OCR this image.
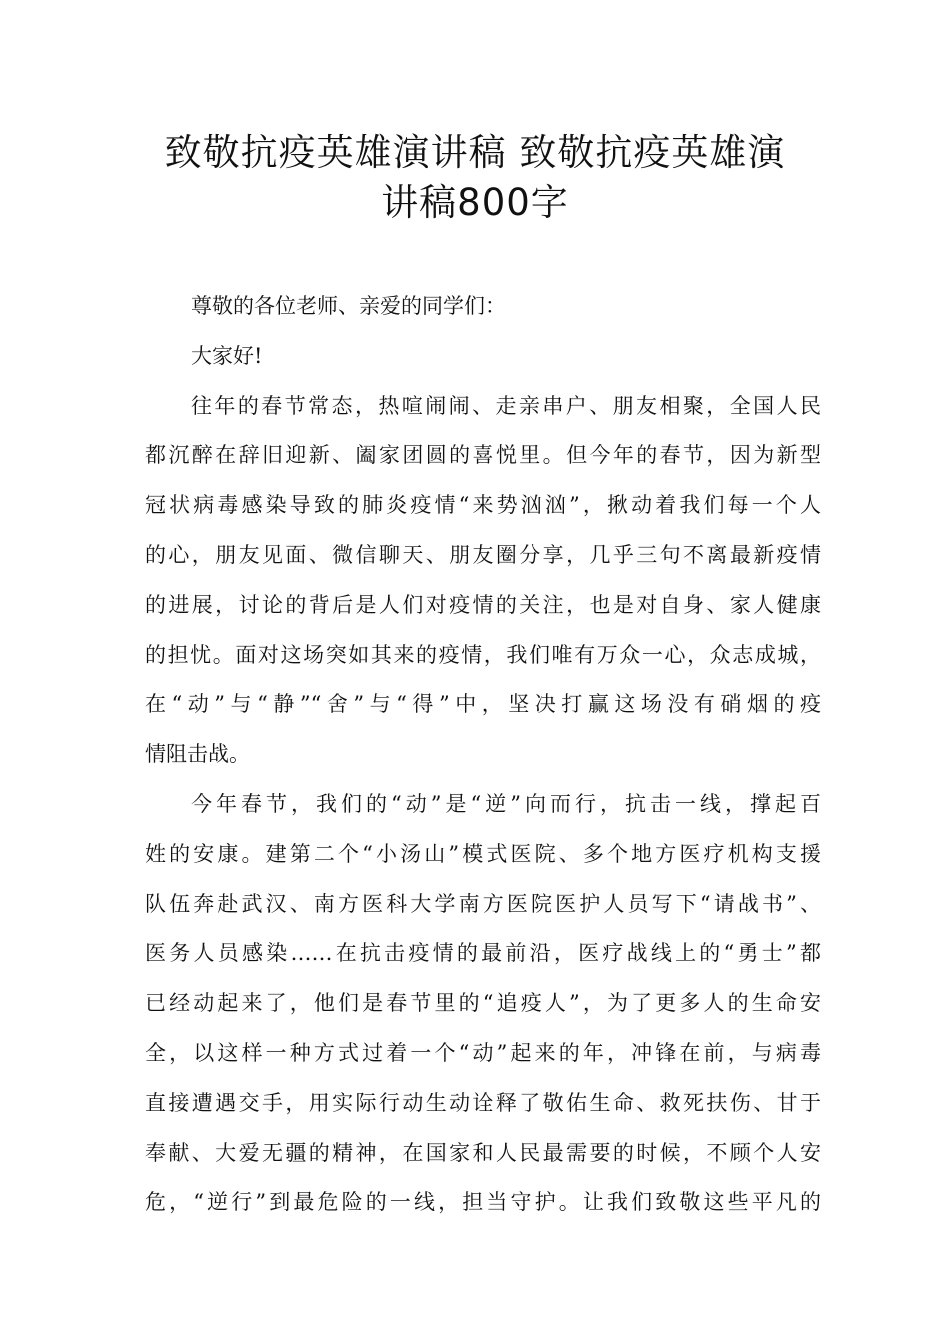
致敬抗疫英雄演讲稿 致敬抗疫英雄演
讲稿800字
尊敬的各位老师、亲爱的同学们：
大家好!
往年的春节常态，热喧闹闹、走亲串户、朋友相聚，全国人民
都沉醉在辞旧迎新、阖家团圆的喜悦里。但今年的春节，因为新型
冠状病毒感染导致的肺炎疫情“来势汹汹”，揪动着我们每一个人
的心，朋友见面、微信聊天、朋友圈分享，几乎三句不离最新疫情
的进展，讨论的背后是人们对疫情的关注，也是对自身、家人健康
的担忧。面对这场突如其来的疫情，我们唯有万众一心，众志成城，
在“动”与“静”“舍”与“得”中，坚决打赢这场没有硝烟的疫
情阻击战。
今年春节，我们的“动”是“逆”向而行，抗击一线，撑起百
姓的安康。建第二个“小汤山”模式医院、多个地方医疗机构支援
队伍奔赴武汉、南方医科大学南方医院医护人员写下“请战书”、
医务人员感染……在抗击疫情的最前沿，医疗战线上的“勇士”都
已经动起来了，他们是春节里的“追疫人”，为了更多人的生命安
全，以这样一种方式过着一个“动”起来的年，冲锋在前，与病毒
直接遭遇交手，用实际行动生动诠释了敬佑生命、救死扶伤、甘于
奉献、大爱无疆的精神，在国家和人民最需要的时候，不顾个人安
危，“逆行”到最危险的一线，担当守护。让我们致敬这些平凡的
